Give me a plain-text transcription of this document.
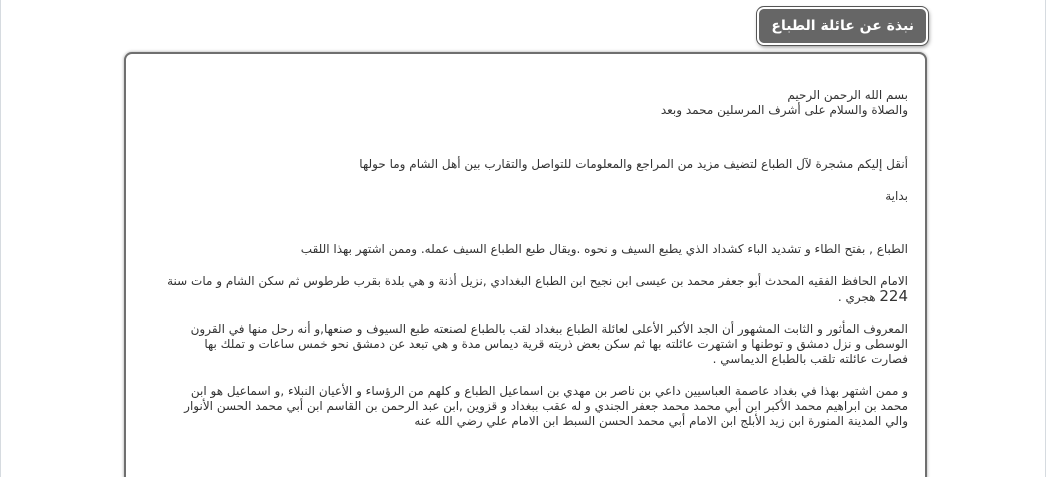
نبذة عن عائلة الطباع

بسم الله الرحمن الرحيم
والصلاة والسلام على أشرف المرسلين محمد وبعد

أنقل إليكم مشجرة لآل الطباع لتضيف مزيد من المراجع والمعلومات للتواصل والتقارب بين أهل الشام وما حولها

بداية

الطباع , بفتح الطاء و تشديد الباء كشداد الذي يطبع السيف و نحوه .ويقال طبع الطباع السيف عمله. وممن اشتهر بهذا اللقب

الامام الحافظ الفقيه المحدث أبو جعفر محمد بن عيسى ابن نجيح ابن الطباع البغدادي ,نزيل أذنة و هي بلدة بقرب طرطوس ثم سكن الشام و مات سنة
224 هجري .

المعروف المأثور و الثابت المشهور أن الجد الأكبر الأعلى لعائلة الطباع ببغداد لقب بالطباع لصنعته طبع السيوف و صنعها,و أنه رحل منها في القرون
الوسطى و نزل دمشق و توطنها و اشتهرت عائلته بها ثم سكن بعض ذريته قرية ديماس مدة و هي تبعد عن دمشق نحو خمس ساعات و تملك بها
فصارت عائلته تلقب بالطباع الديماسي .

و ممن اشتهر بهذا في بغداد عاصمة العباسيين داعي بن ناصر بن مهدي بن اسماعيل الطباع و كلهم من الرؤساء و الأعيان النبلاء ,و اسماعيل هو ابن
محمد بن ابراهيم محمد الأكبر ابن أبي محمد محمد جعفر الجندي و له عقب ببغداد و قزوين ,ابن عبد الرحمن بن القاسم ابن أبي محمد الحسن الأنوار
والي المدينة المنورة ابن زيد الأبلج ابن الامام أبي محمد الحسن السبط ابن الامام علي رضي الله عنه
